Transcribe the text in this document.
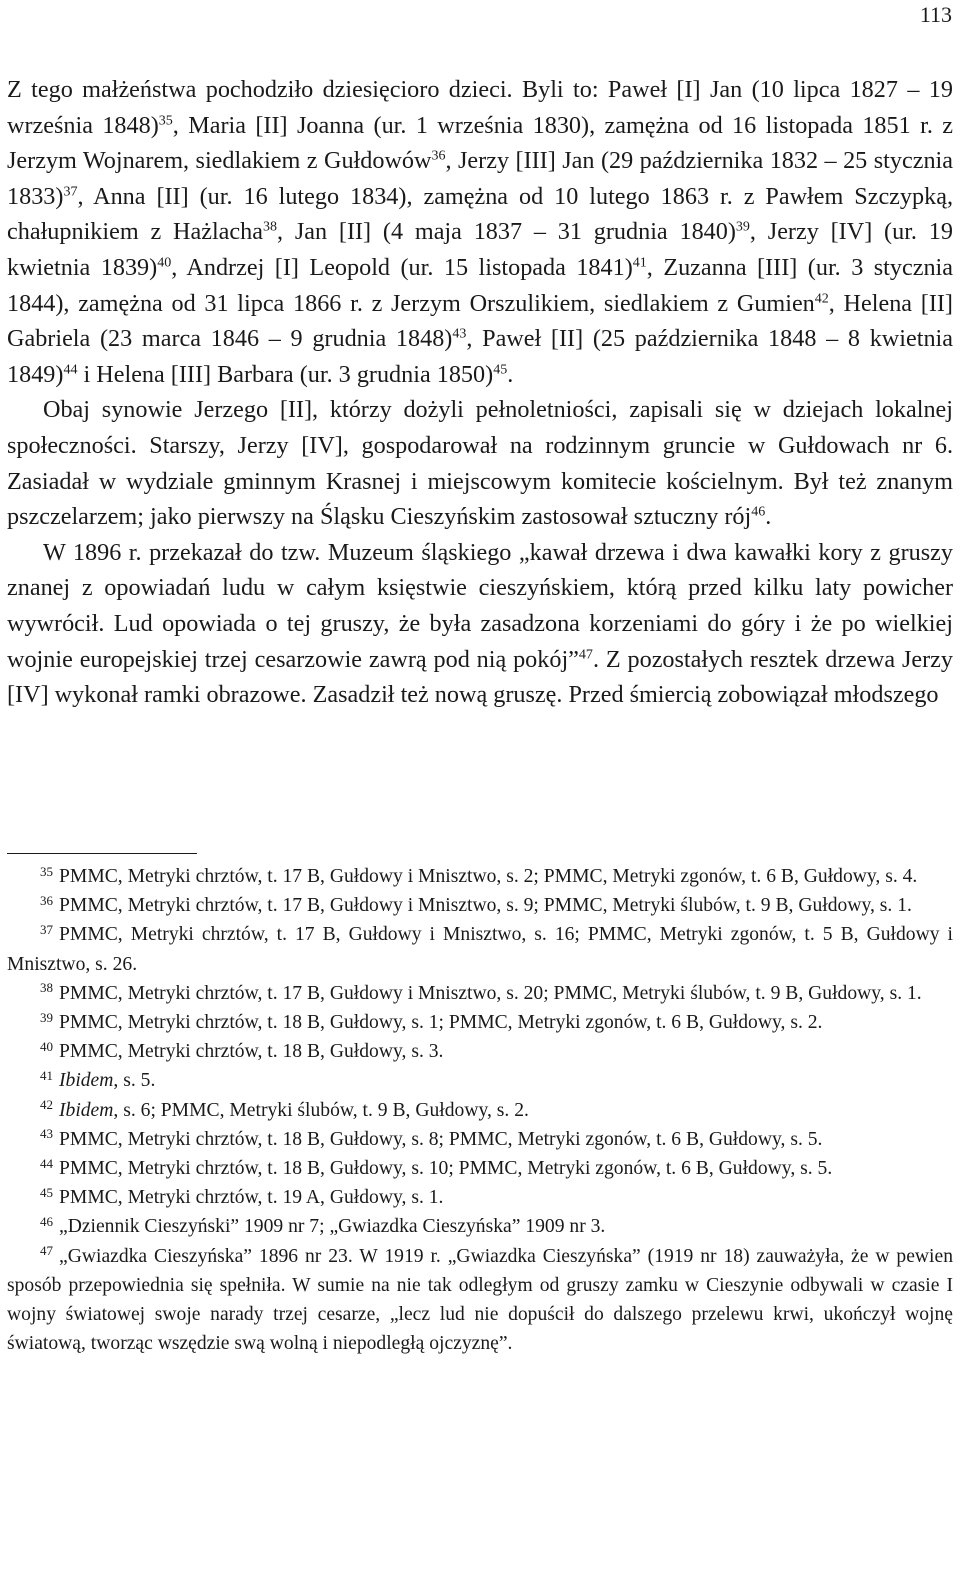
113

Z tego małżeństwa pochodziło dziesięcioro dzieci. Byli to: Paweł [I] Jan (10 lipca 1827 – 19 września 1848)$^{35}$, Maria [II] Joanna (ur. 1 września 1830), zamężna od 16 listopada 1851 r. z Jerzym Wojnarem, siedlakiem z Gułdowów$^{36}$, Jerzy [III] Jan (29 października 1832 – 25 stycznia 1833)$^{37}$, Anna [II] (ur. 16 lutego 1834), zamężna od 10 lutego 1863 r. z Pawłem Szczypką, chałupnikiem z Hażlacha$^{38}$, Jan [II] (4 maja 1837 – 31 grudnia 1840)$^{39}$, Jerzy [IV] (ur. 19 kwietnia 1839)$^{40}$, Andrzej [I] Leopold (ur. 15 listopada 1841)$^{41}$, Zuzanna [III] (ur. 3 stycznia 1844), zamężna od 31 lipca 1866 r. z Jerzym Orszulikiem, siedlakiem z Gumien$^{42}$, Helena [II] Gabriela (23 marca 1846 – 9 grudnia 1848)$^{43}$, Paweł [II] (25 października 1848 – 8 kwietnia 1849)$^{44}$ i Helena [III] Barbara (ur. 3 grudnia 1850)$^{45}$.

Obaj synowie Jerzego [II], którzy dożyli pełnoletniości, zapisali się w dziejach lokalnej społeczności. Starszy, Jerzy [IV], gospodarował na rodzinnym gruncie w Gułdowach nr 6. Zasiadał w wydziale gminnym Krasnej i miejscowym komitecie kościelnym. Był też znanym pszczelarzem; jako pierwszy na Śląsku Cieszyńskim zastosował sztuczny rój$^{46}$.

W 1896 r. przekazał do tzw. Muzeum śląskiego „kawał drzewa i dwa kawałki kory z gruszy znanej z opowiadań ludu w całym księstwie cieszyńskiem, którą przed kilku laty powicher wywrócił. Lud opowiada o tej gruszy, że była zasadzona korzeniami do góry i że po wielkiej wojnie europejskiej trzej cesarzowie zawrą pod nią pokój”$^{47}$. Z pozostałych resztek drzewa Jerzy [IV] wykonał ramki obrazowe. Zasadził też nową gruszę. Przed śmiercią zobowiązał młodszego

$^{35}$ PMMC, Metryki chrztów, t. 17 B, Gułdowy i Mnisztwo, s. 2; PMMC, Metryki zgonów, t. 6 B, Gułdowy, s. 4.

$^{36}$ PMMC, Metryki chrztów, t. 17 B, Gułdowy i Mnisztwo, s. 9; PMMC, Metryki ślubów, t. 9 B, Gułdowy, s. 1.

$^{37}$ PMMC, Metryki chrztów, t. 17 B, Gułdowy i Mnisztwo, s. 16; PMMC, Metryki zgonów, t. 5 B, Gułdowy i Mnisztwo, s. 26.

$^{38}$ PMMC, Metryki chrztów, t. 17 B, Gułdowy i Mnisztwo, s. 20; PMMC, Metryki ślubów, t. 9 B, Gułdowy, s. 1.

$^{39}$ PMMC, Metryki chrztów, t. 18 B, Gułdowy, s. 1; PMMC, Metryki zgonów, t. 6 B, Gułdowy, s. 2.

$^{40}$ PMMC, Metryki chrztów, t. 18 B, Gułdowy, s. 3.

$^{41}$ Ibidem, s. 5.

$^{42}$ Ibidem, s. 6; PMMC, Metryki ślubów, t. 9 B, Gułdowy, s. 2.

$^{43}$ PMMC, Metryki chrztów, t. 18 B, Gułdowy, s. 8; PMMC, Metryki zgonów, t. 6 B, Gułdowy, s. 5.

$^{44}$ PMMC, Metryki chrztów, t. 18 B, Gułdowy, s. 10; PMMC, Metryki zgonów, t. 6 B, Gułdowy, s. 5.

$^{45}$ PMMC, Metryki chrztów, t. 19 A, Gułdowy, s. 1.

$^{46}$ „Dziennik Cieszyński” 1909 nr 7; „Gwiazdka Cieszyńska” 1909 nr 3.

$^{47}$ „Gwiazdka Cieszyńska” 1896 nr 23. W 1919 r. „Gwiazdka Cieszyńska” (1919 nr 18) zauważyła, że w pewien sposób przepowiednia się spełniła. W sumie na nie tak odległym od gruszy zamku w Cieszynie odbywali w czasie I wojny światowej swoje narady trzej cesarze, „lecz lud nie dopuścił do dalszego przelewu krwi, ukończył wojnę światową, tworząc wszędzie swą wolną i niepodległą ojczyznę”.
